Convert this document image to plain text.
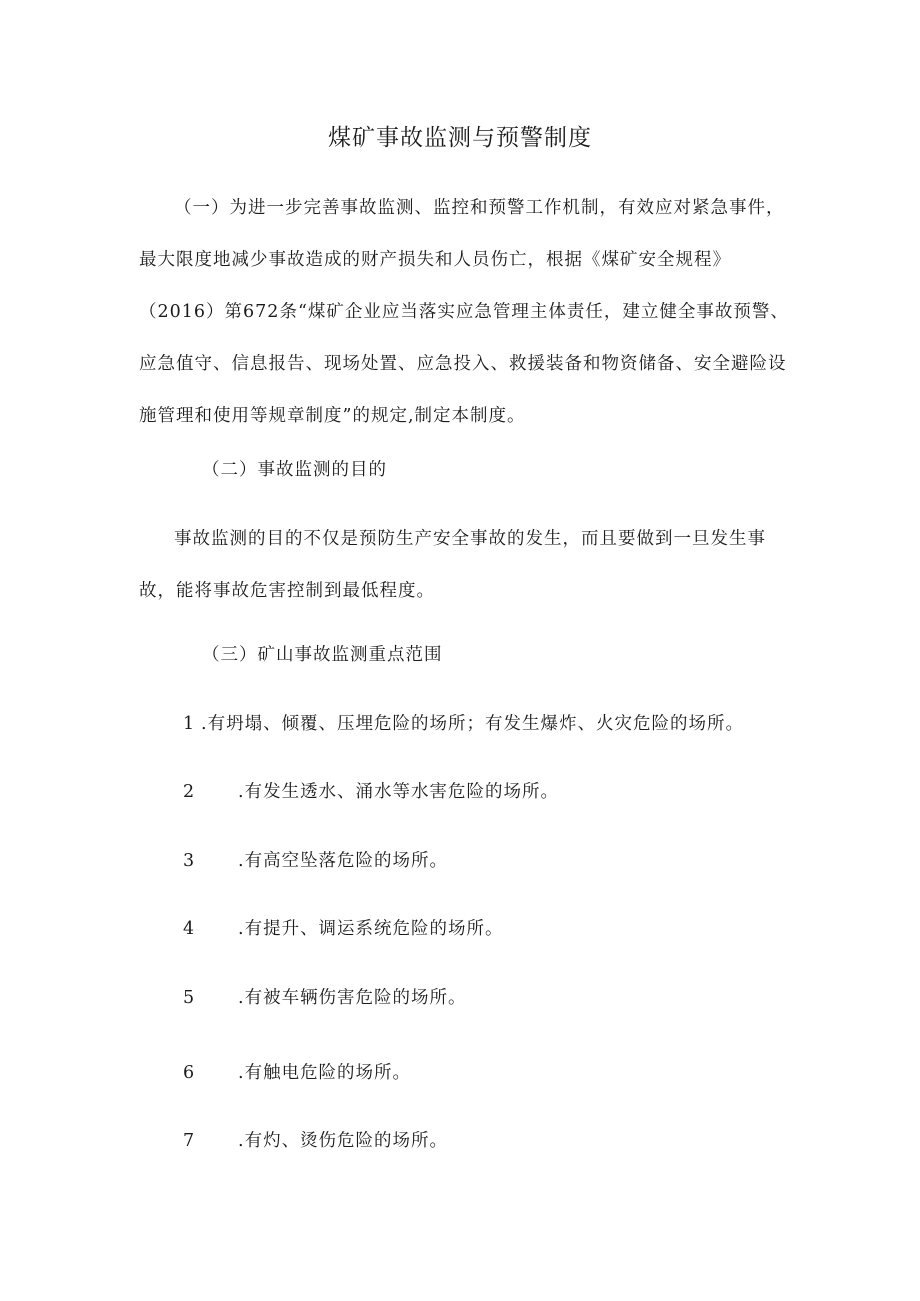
煤矿事故监测与预警制度

（一）为进一步完善事故监测、监控和预警工作机制，有效应对紧急事件，最大限度地减少事故造成的财产损失和人员伤亡，根据《煤矿安全规程》（2016）第672条“煤矿企业应当落实应急管理主体责任，建立健全事故预警、应急值守、信息报告、现场处置、应急投入、救援装备和物资储备、安全避险设施管理和使用等规章制度”的规定,制定本制度。

（二）事故监测的目的

事故监测的目的不仅是预防生产安全事故的发生，而且要做到一旦发生事故，能将事故危害控制到最低程度。

（三）矿山事故监测重点范围
1 .有坍塌、倾覆、压埋危险的场所；有发生爆炸、火灾危险的场所。
2 .有发生透水、涌水等水害危险的场所。
3 .有高空坠落危险的场所。
4 .有提升、调运系统危险的场所。
5 .有被车辆伤害危险的场所。
6 .有触电危险的场所。
7 .有灼、烫伤危险的场所。
